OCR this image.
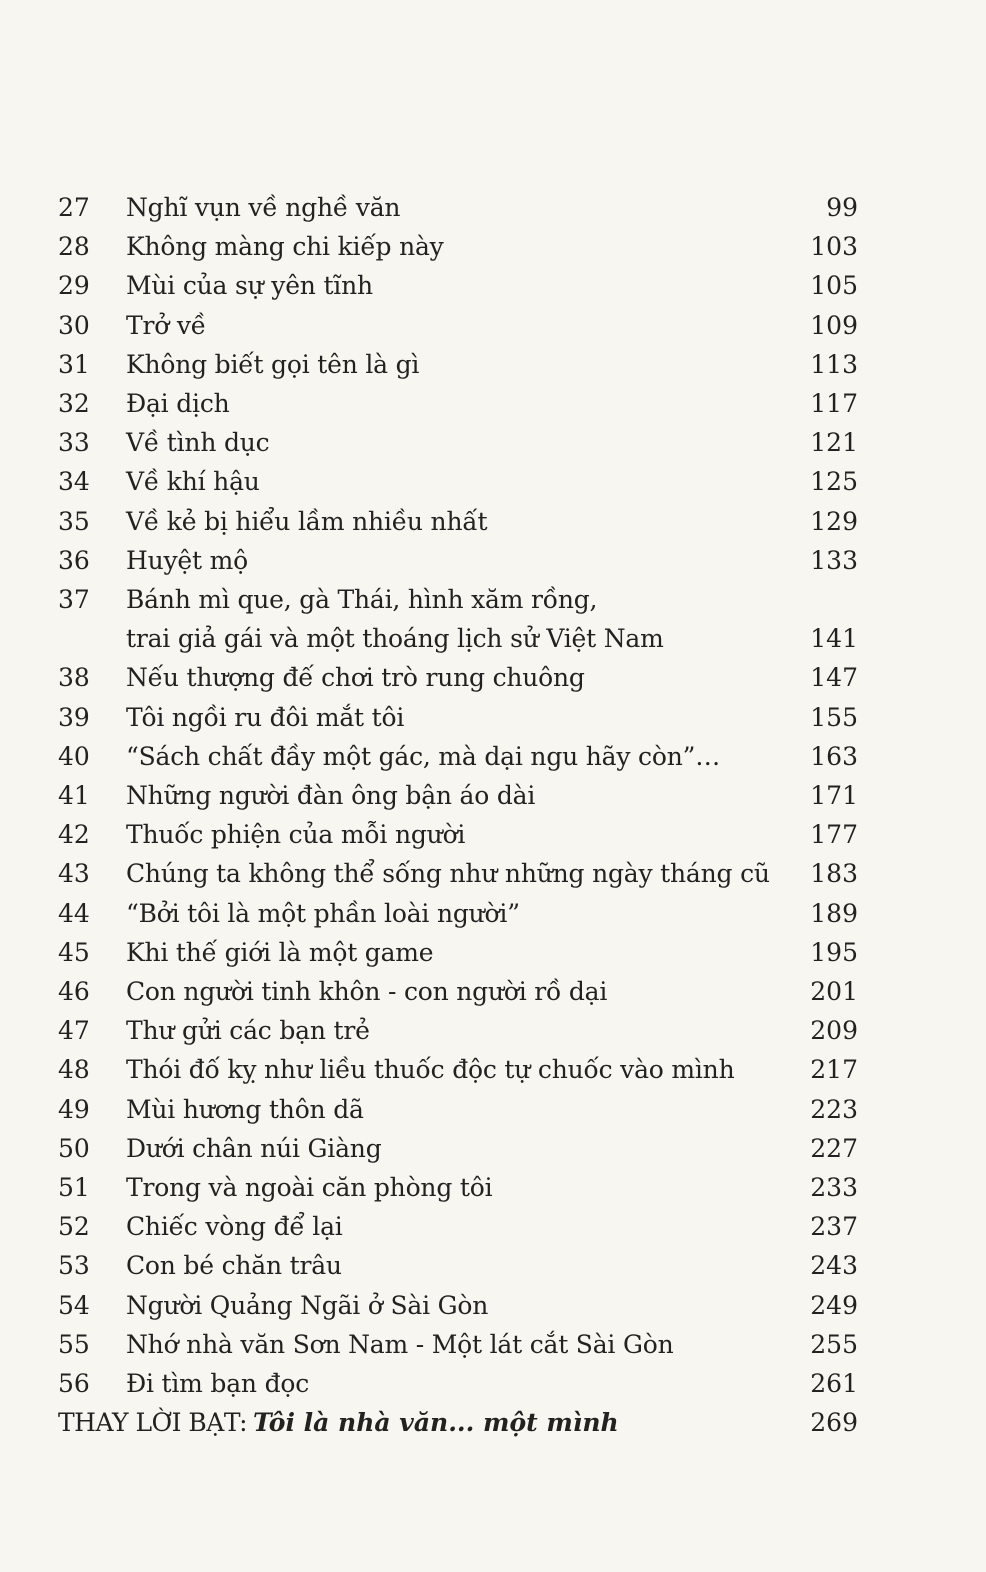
27	Nghĩ vụn về nghề văn	99
28	Không màng chi kiếp này	103
29	Mùi của sự yên tĩnh	105
30	Trở về	109
31	Không biết gọi tên là gì	113
32	Đại dịch	117
33	Về tình dục	121
34	Về khí hậu	125
35	Về kẻ bị hiểu lầm nhiều nhất	129
36	Huyệt mộ	133
37	Bánh mì que, gà Thái, hình xăm rồng,
trai giả gái và một thoáng lịch sử Việt Nam	141
38	Nếu thượng đế chơi trò rung chuông	147
39	Tôi ngồi ru đôi mắt tôi	155
40	“Sách chất đầy một gác, mà dại ngu hãy còn”…	163
41	Những người đàn ông bận áo dài	171
42	Thuốc phiện của mỗi người	177
43	Chúng ta không thể sống như những ngày tháng cũ	183
44	“Bởi tôi là một phần loài người”	189
45	Khi thế giới là một game	195
46	Con người tinh khôn - con người rồ dại	201
47	Thư gửi các bạn trẻ	209
48	Thói đố kỵ như liều thuốc độc tự chuốc vào mình	217
49	Mùi hương thôn dã	223
50	Dưới chân núi Giàng	227
51	Trong và ngoài căn phòng tôi	233
52	Chiếc vòng để lại	237
53	Con bé chăn trâu	243
54	Người Quảng Ngãi ở Sài Gòn	249
55	Nhớ nhà văn Sơn Nam - Một lát cắt Sài Gòn	255
56	Đi tìm bạn đọc	261
THAY LỜI BẠT: Tôi là nhà văn... một mình	269
